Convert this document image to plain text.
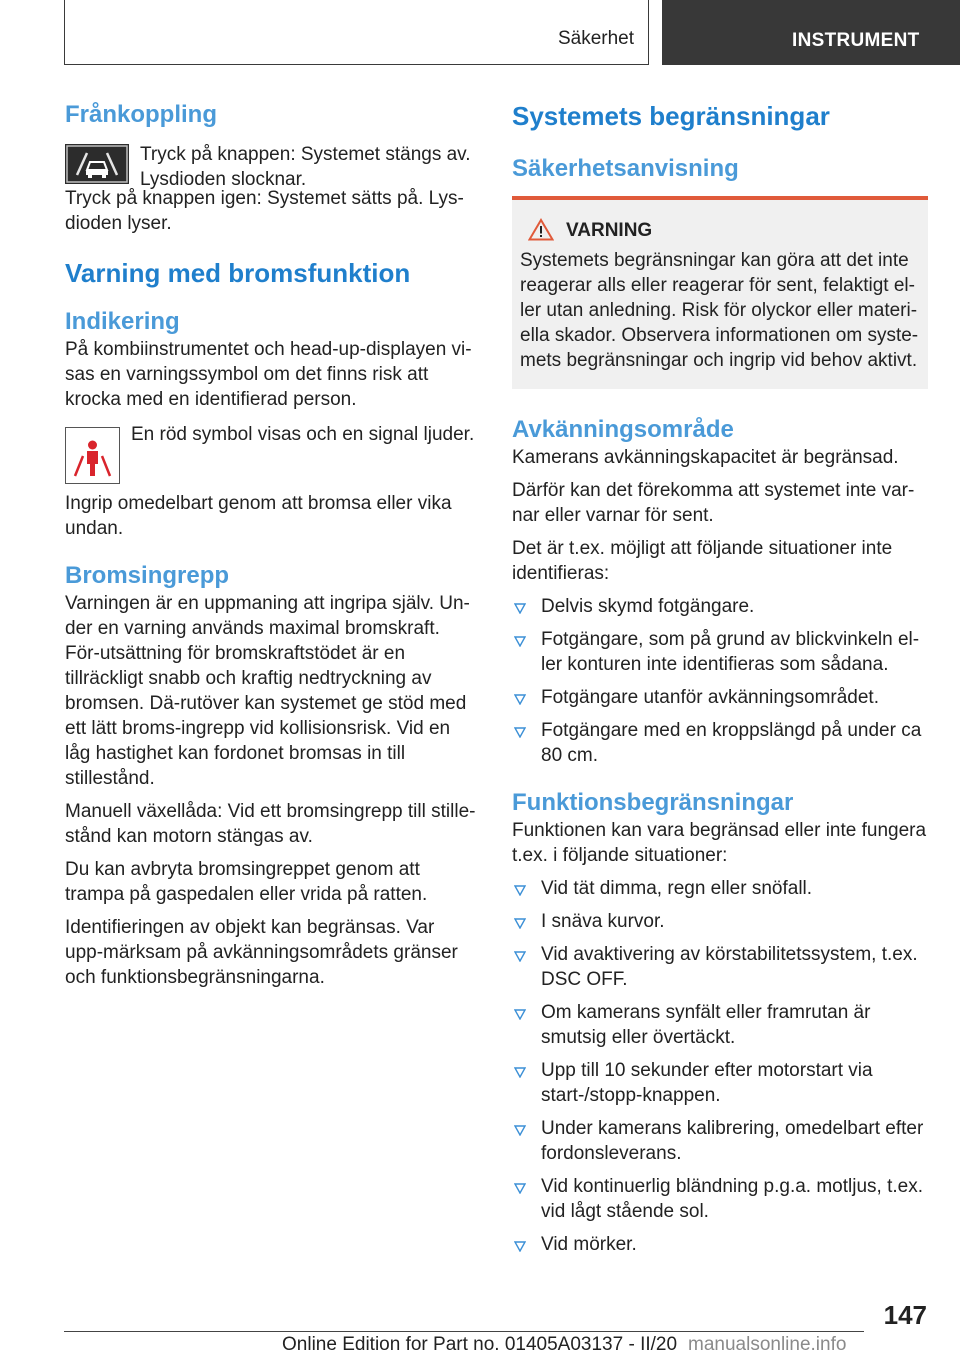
Säkerhet	INSTRUMENT
Frånkoppling

Tryck på knappen: Systemet stängs av. Lysdioden slocknar.

Tryck på knappen igen: Systemet sätts på. Lys-dioden lyser.

Varning med bromsfunktion
Indikering

På kombiinstrumentet och head-up-displayen vi-sas en varningssymbol om det finns risk att krocka med en identifierad person.

En röd symbol visas och en signal ljuder.

Ingrip omedelbart genom att bromsa eller vika undan.

Bromsingrepp

Varningen är en uppmaning att ingripa själv. Un-der en varning används maximal bromskraft. För-utsättning för bromskraftstödet är en tillräckligt snabb och kraftig nedtryckning av bromsen. Dä-rutöver kan systemet ge stöd med ett lätt broms-ingrepp vid kollisionsrisk. Vid en låg hastighet kan fordonet bromsas in till stillestånd.

Manuell växellåda: Vid ett bromsingrepp till stille-stånd kan motorn stängas av.

Du kan avbryta bromsingreppet genom att trampa på gaspedalen eller vrida på ratten.

Identifieringen av objekt kan begränsas. Var upp-märksam på avkänningsområdets gränser och funktionsbegränsningarna.

Systemets begränsningar
Säkerhetsanvisning
VARNING

Systemets begränsningar kan göra att det inte reagerar alls eller reagerar för sent, felaktigt el-ler utan anledning. Risk för olyckor eller materi-ella skador. Observera informationen om syste-mets begränsningar och ingrip vid behov aktivt.

Avkänningsområde

Kamerans avkänningskapacitet är begränsad.

Därför kan det förekomma att systemet inte var-nar eller varnar för sent.

Det är t.ex. möjligt att följande situationer inte identifieras:

Delvis skymd fotgängare.
Fotgängare, som på grund av blickvinkeln el-ler konturen inte identifieras som sådana.
Fotgängare utanför avkänningsområdet.
Fotgängare med en kroppslängd på under ca 80 cm.
Funktionsbegränsningar

Funktionen kan vara begränsad eller inte fungera t.ex. i följande situationer:

Vid tät dimma, regn eller snöfall.
I snäva kurvor.
Vid avaktivering av körstabilitetssystem, t.ex. DSC OFF.
Om kamerans synfält eller framrutan är smutsig eller övertäckt.
Upp till 10 sekunder efter motorstart via start-/stopp-knappen.
Under kamerans kalibrering, omedelbart efter fordonsleverans.
Vid kontinuerlig bländning p.g.a. motljus, t.ex. vid lågt stående sol.
Vid mörker.
147
Online Edition for Part no. 01405A03137 - II/20 manualsonline.info
